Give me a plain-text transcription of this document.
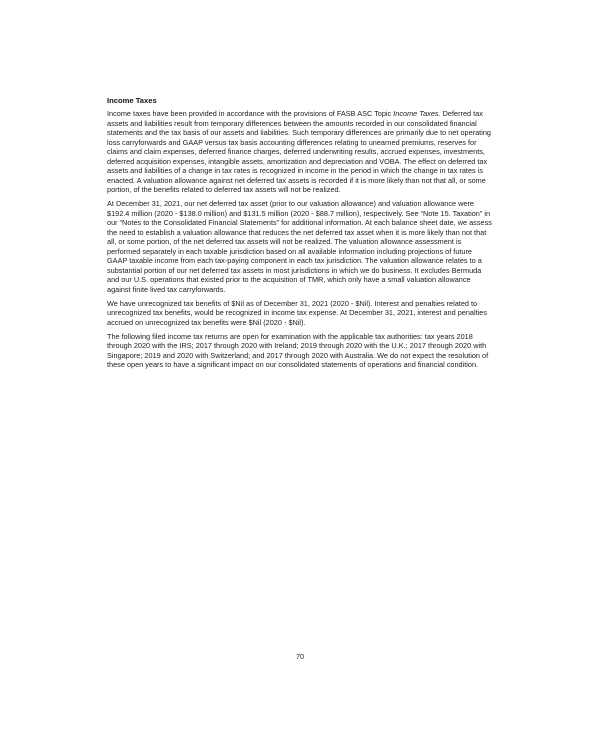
Income Taxes

Income taxes have been provided in accordance with the provisions of FASB ASC Topic Income Taxes. Deferred tax assets and liabilities result from temporary differences between the amounts recorded in our consolidated financial statements and the tax basis of our assets and liabilities. Such temporary differences are primarily due to net operating loss carryforwards and GAAP versus tax basis accounting differences relating to unearned premiums, reserves for claims and claim expenses, deferred finance charges, deferred underwriting results, accrued expenses, investments, deferred acquisition expenses, intangible assets, amortization and depreciation and VOBA. The effect on deferred tax assets and liabilities of a change in tax rates is recognized in income in the period in which the change in tax rates is enacted. A valuation allowance against net deferred tax assets is recorded if it is more likely than not that all, or some portion, of the benefits related to deferred tax assets will not be realized.

At December 31, 2021, our net deferred tax asset (prior to our valuation allowance) and valuation allowance were $192.4 million (2020 - $138.0 million) and $131.5 million (2020 - $88.7 million), respectively. See “Note 15. Taxation” in our “Notes to the Consolidated Financial Statements” for additional information. At each balance sheet date, we assess the need to establish a valuation allowance that reduces the net deferred tax asset when it is more likely than not that all, or some portion, of the net deferred tax assets will not be realized. The valuation allowance assessment is performed separately in each taxable jurisdiction based on all available information including projections of future GAAP taxable income from each tax-paying component in each tax jurisdiction. The valuation allowance relates to a substantial portion of our net deferred tax assets in most jurisdictions in which we do business. It excludes Bermuda and our U.S. operations that existed prior to the acquisition of TMR, which only have a small valuation allowance against finite lived tax carryforwards.

We have unrecognized tax benefits of $Nil as of December 31, 2021 (2020 - $Nil). Interest and penalties related to unrecognized tax benefits, would be recognized in income tax expense. At December 31, 2021, interest and penalties accrued on unrecognized tax benefits were $Nil (2020 - $Nil).

The following filed income tax returns are open for examination with the applicable tax authorities: tax years 2018 through 2020 with the IRS; 2017 through 2020 with Ireland; 2019 through 2020 with the U.K.; 2017 through 2020 with Singapore; 2019 and 2020 with Switzerland; and 2017 through 2020 with Australia. We do not expect the resolution of these open years to have a significant impact on our consolidated statements of operations and financial condition.

70
